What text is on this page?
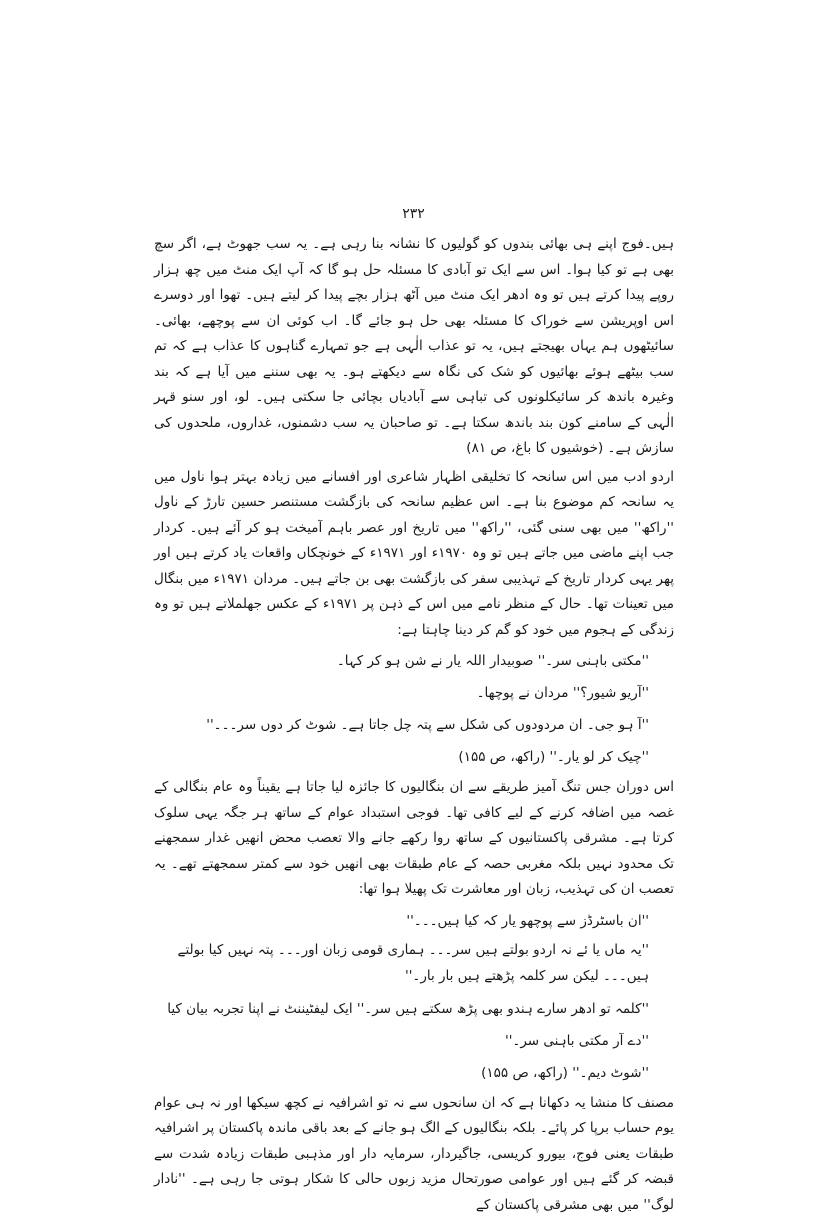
۲۳۲

ہیں۔فوج اپنے ہی بھائی بندوں کو گولیوں کا نشانہ بنا رہی ہے۔ یہ سب جھوٹ ہے، اگر سچ بھی ہے تو کیا ہوا۔ اس سے ایک تو آبادی کا مسئلہ حل ہو گا کہ آپ ایک منٹ میں چھ ہزار روپے پیدا کرتے ہیں تو وہ ادھر ایک منٹ میں آٹھ ہزار بچے پیدا کر لیتے ہیں۔ تھوا اور دوسرے اس اوپریشن سے خوراک کا مسئلہ بھی حل ہو جائے گا۔ اب کوئی ان سے پوچھے، بھائی۔ سائیٹھوں ہم یہاں بھیجتے ہیں، یہ تو عذاب الٰہی ہے جو تمہارے گناہوں کا عذاب ہے کہ تم سب بیٹھے ہوئے بھائیوں کو شک کی نگاہ سے دیکھتے ہو۔ یہ بھی سننے میں آیا ہے کہ بند وغیرہ باندھ کر سائیکلونوں کی تباہی سے آبادیاں بچائی جا سکتی ہیں۔ لو، اور سنو قہر الٰہی کے سامنے کون بند باندھ سکتا ہے۔ تو صاحبان یہ سب دشمنوں، غداروں، ملحدوں کی سازش ہے۔ (خوشیوں کا باغ، ص ۸۱)

اردو ادب میں اس سانحہ کا تخلیقی اظہار شاعری اور افسانے میں زیادہ بہتر ہوا ناول میں یہ سانحہ کم موضوع بنا ہے۔ اس عظیم سانحہ کی بازگشت مستنصر حسین تارڑ کے ناول ''راکھ'' میں بھی سنی گئی، ''راکھ'' میں تاریخ اور عصر باہم آمیخت ہو کر آئے ہیں۔ کردار جب اپنے ماضی میں جاتے ہیں تو وہ ۱۹۷۰ء اور ۱۹۷۱ء کے خونچکاں واقعات یاد کرتے ہیں اور پھر یہی کردار تاریخ کے تہذیبی سفر کی بازگشت بھی بن جاتے ہیں۔ مردان ۱۹۷۱ء میں بنگال میں تعینات تھا۔ حال کے منظر نامے میں اس کے ذہن پر ۱۹۷۱ء کے عکس جھلملاتے ہیں تو وہ زندگی کے ہجوم میں خود کو گم کر دینا چاہتا ہے:

''مکتی باہنی سر۔'' صوبیدار اللہ یار نے شن ہو کر کہا۔

''آریو شیور؟'' مردان نے پوچھا۔

''آ ہو جی۔ ان مردودوں کی شکل سے پتہ چل جاتا ہے۔ شوٹ کر دوں سر۔۔۔''

''چیک کر لو یار۔'' (راکھ، ص ۱۵۵)

اس دوران جس تنگ آمیز طریقے سے ان بنگالیوں کا جائزہ لیا جاتا ہے یقیناً وہ عام بنگالی کے غصہ میں اضافہ کرنے کے لیے کافی تھا۔ فوجی استبداد عوام کے ساتھ ہر جگہ یہی سلوک کرتا ہے۔ مشرقی پاکستانیوں کے ساتھ روا رکھے جانے والا تعصب محض انھیں غدار سمجھنے تک محدود نہیں بلکہ مغربی حصہ کے عام طبقات بھی انھیں خود سے کمتر سمجھتے تھے۔ یہ تعصب ان کی تہذیب، زبان اور معاشرت تک پھیلا ہوا تھا:

''ان باسٹرڈز سے پوچھو یار کہ کیا ہیں۔۔۔''

''یہ ماں یا ئے نہ اردو بولتے ہیں سر۔۔۔ ہماری قومی زبان اور۔۔۔ پتہ نہیں کیا بولتے ہیں۔۔۔ لیکن سر کلمہ پڑھتے ہیں بار بار۔''

''کلمہ تو ادھر سارے ہندو بھی پڑھ سکتے ہیں سر۔'' ایک لیفٹیننٹ نے اپنا تجربہ بیان کیا ''دے آر مکتی باہنی سر۔''

''شوٹ دیم۔'' (راکھ، ص ۱۵۵)

مصنف کا منشا یہ دکھانا ہے کہ ان سانحوں سے نہ تو اشرافیہ نے کچھ سیکھا اور نہ ہی عوام یوم حساب برپا کر پائے۔ بلکہ بنگالیوں کے الگ ہو جانے کے بعد باقی ماندہ پاکستان پر اشرافیہ طبقات یعنی فوج، بیورو کریسی، جاگیردار، سرمایہ دار اور مذہبی طبقات زیادہ شدت سے قبضہ کر گئے ہیں اور عوامی صورتحال مزید زبوں حالی کا شکار ہوتی جا رہی ہے۔ ''نادار لوگ'' میں بھی مشرقی پاکستان کے
